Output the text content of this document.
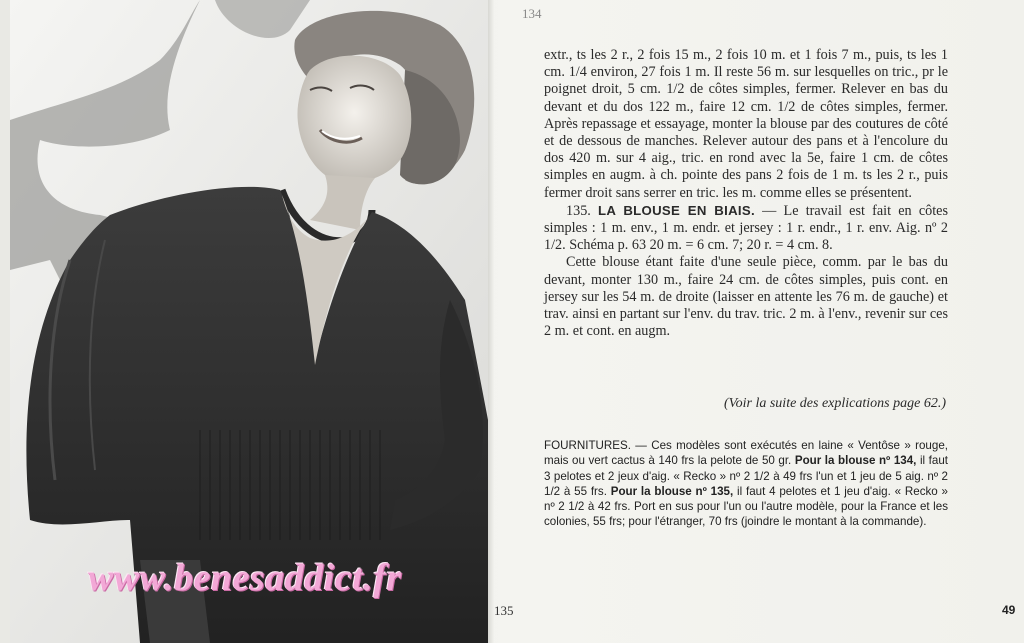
www.benesaddict.fr
135
134

extr., ts les 2 r., 2 fois 15 m., 2 fois 10 m. et 1 fois 7 m., puis, ts les 1 cm. 1/4 environ, 27 fois 1 m. Il reste 56 m. sur lesquelles on tric., pr le poignet droit, 5 cm. 1/2 de côtes simples, fermer. Relever en bas du devant et du dos 122 m., faire 12 cm. 1/2 de côtes simples, fermer. Après repassage et essayage, monter la blouse par des coutures de côté et de dessous de manches. Relever autour des pans et à l'encolure du dos 420 m. sur 4 aig., tric. en rond avec la 5e, faire 1 cm. de côtes simples en augm. à ch. pointe des pans 2 fois de 1 m. ts les 2 r., puis fermer droit sans serrer en tric. les m. comme elles se présentent.

135. LA BLOUSE EN BIAIS. — Le travail est fait en côtes simples : 1 m. env., 1 m. endr. et jersey : 1 r. endr., 1 r. env. Aig. nº 2 1/2. Schéma p. 63 20 m. = 6 cm. 7; 20 r. = 4 cm. 8.

Cette blouse étant faite d'une seule pièce, comm. par le bas du devant, monter 130 m., faire 24 cm. de côtes simples, puis cont. en jersey sur les 54 m. de droite (laisser en attente les 76 m. de gauche) et trav. ainsi en partant sur l'env. du trav. tric. 2 m. à l'env., revenir sur ces 2 m. et cont. en augm.

(Voir la suite des explications page 62.)
FOURNITURES. — Ces modèles sont exécutés en laine « Ventôse » rouge, mais ou vert cactus à 140 frs la pelote de 50 gr. Pour la blouse nº 134, il faut 3 pelotes et 2 jeux d'aig. « Recko » nº 2 1/2 à 49 frs l'un et 1 jeu de 5 aig. nº 2 1/2 à 55 frs. Pour la blouse nº 135, il faut 4 pelotes et 1 jeu d'aig. « Recko » nº 2 1/2 à 42 frs. Port en sus pour l'un ou l'autre modèle, pour la France et les colonies, 55 frs; pour l'étranger, 70 frs (joindre le montant à la commande).
49
